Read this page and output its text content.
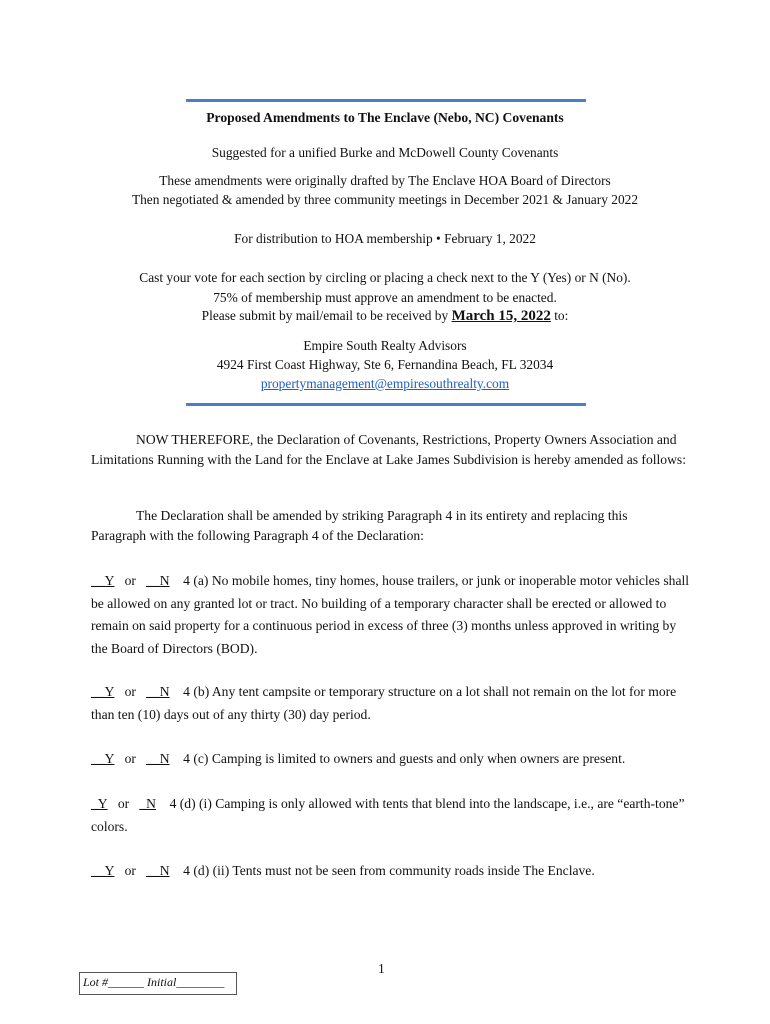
Proposed Amendments to The Enclave (Nebo, NC) Covenants
Suggested for a unified Burke and McDowell County Covenants
These amendments were originally drafted by The Enclave HOA Board of Directors
Then negotiated & amended by three community meetings in December 2021 & January 2022
For distribution to HOA membership • February 1, 2022
Cast your vote for each section by circling or placing a check next to the Y (Yes) or N (No).
75% of membership must approve an amendment to be enacted.
Please submit by mail/email to be received by March 15, 2022 to:
Empire South Realty Advisors
4924 First Coast Highway, Ste 6, Fernandina Beach, FL 32034
propertymanagement@empiresouthrealty.com
NOW THEREFORE, the Declaration of Covenants, Restrictions, Property Owners Association and Limitations Running with the Land for the Enclave at Lake James Subdivision is hereby amended as follows:
The Declaration shall be amended by striking Paragraph 4 in its entirety and replacing this Paragraph with the following Paragraph 4 of the Declaration:
__Y or __N 4 (a) No mobile homes, tiny homes, house trailers, or junk or inoperable motor vehicles shall be allowed on any granted lot or tract. No building of a temporary character shall be erected or allowed to remain on said property for a continuous period in excess of three (3) months unless approved in writing by the Board of Directors (BOD).
__Y or __N 4 (b) Any tent campsite or temporary structure on a lot shall not remain on the lot for more than ten (10) days out of any thirty (30) day period.
__Y or __N 4 (c) Camping is limited to owners and guests and only when owners are present.
_Y or _N 4 (d) (i) Camping is only allowed with tents that blend into the landscape, i.e., are “earth-tone” colors.
__Y or __N 4 (d) (ii) Tents must not be seen from community roads inside The Enclave.
1
Lot #______ Initial________
